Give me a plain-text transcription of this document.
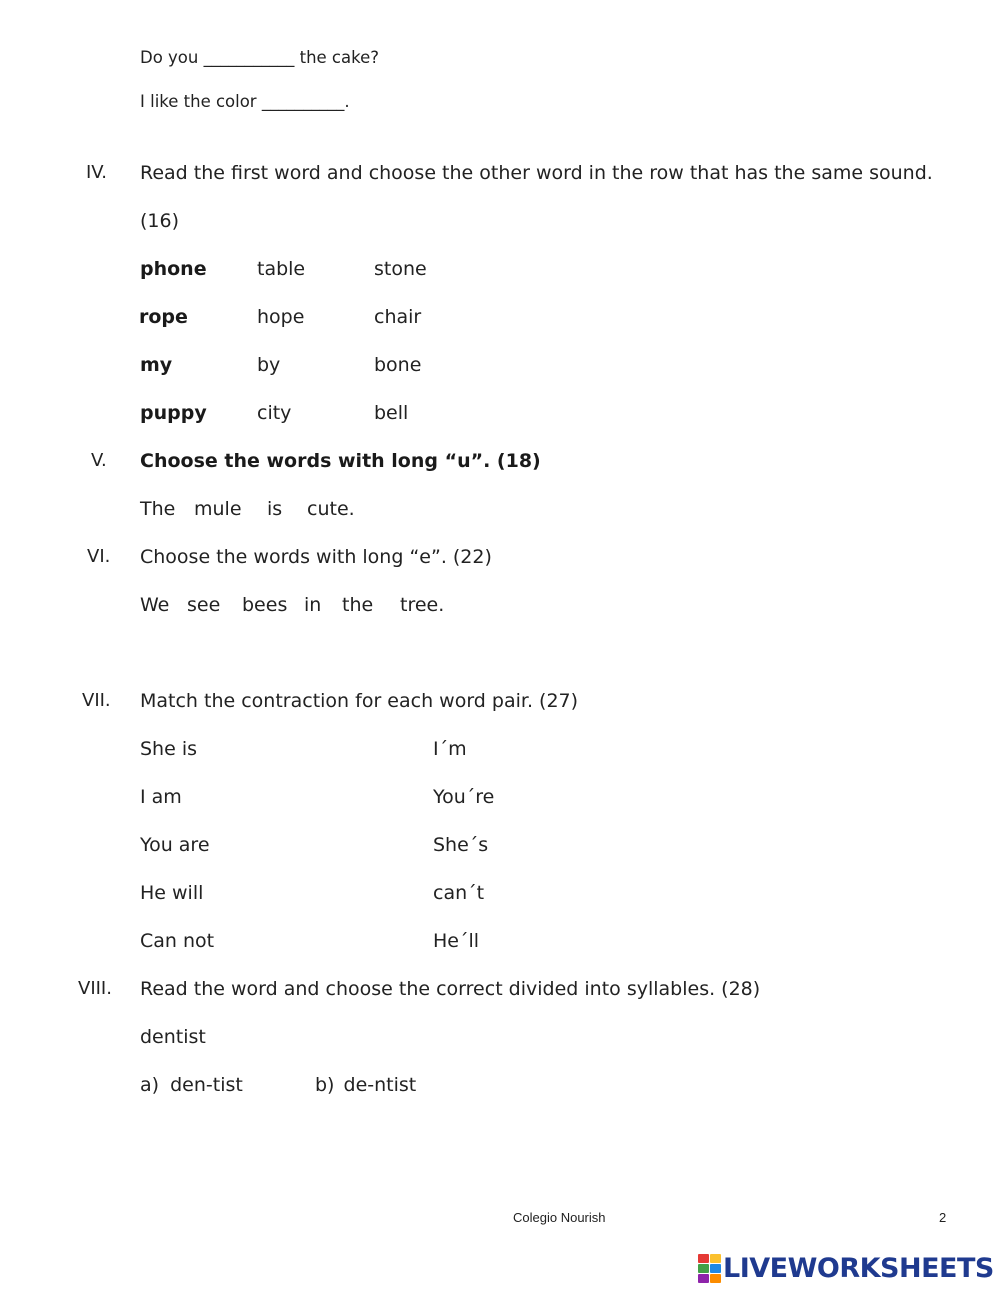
Do you ___________ the cake?
I like the color __________.
IV. Read the first word and choose the other word in the row that has the same sound.
(16)
phone	table	stone
rope	hope	chair
my	by	bone
puppy	city	bell
V. Choose the words with long “u”. (18)
The mule is cute.
VI. Choose the words with long “e”. (22)
We see bees in the tree.
VII. Match the contraction for each word pair. (27)
She is	I´m
I am	You´re
You are	She´s
He will	can´t
Can not	He´ll
VIII. Read the word and choose the correct divided into syllables. (28)
dentist
a) den-tist	b) de-ntist
Colegio Nourish	2
LIVEWORKSHEETS
